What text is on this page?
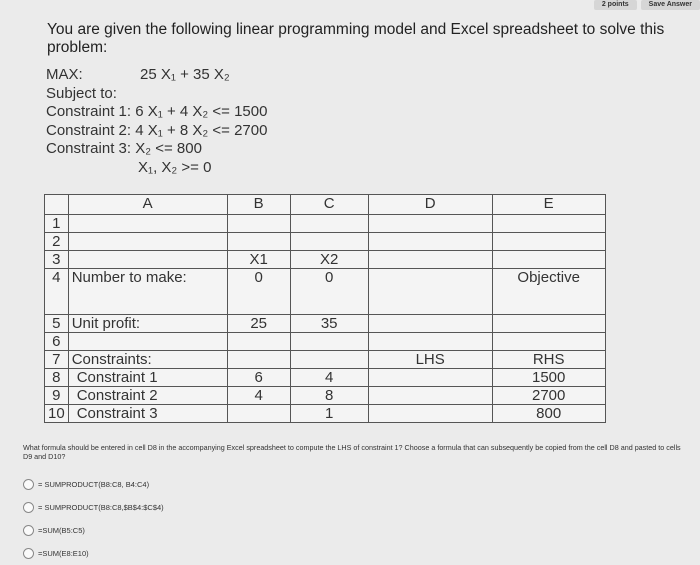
2 points	Save Answer
You are given the following linear programming model and Excel spreadsheet to solve this problem:
MAX:	25 X₁ + 35 X₂
Subject to:
Constraint 1: 6 X₁ + 4 X₂ <= 1500
Constraint 2: 4 X₁ + 8 X₂ <= 2700
Constraint 3: X₂ <= 800
X₁, X₂ >= 0
	A	B	C	D	E
1					
2					
3		X1	X2		
4	Number to make:	0	0		Objective
5	Unit profit:	25	35		
6					
7	Constraints:			LHS	RHS
8	Constraint 1	6	4		1500
9	Constraint 2	4	8		2700
10	Constraint 3		1		800
What formula should be entered in cell D8 in the accompanying Excel spreadsheet to compute the LHS of constraint 1? Choose a formula that can subsequently be copied from the cell D8 and pasted to cells D9 and D10?
= SUMPRODUCT(B8:C8, B4:C4)
= SUMPRODUCT(B8:C8,$B$4:$C$4)
=SUM(B5:C5)
=SUM(E8:E10)
